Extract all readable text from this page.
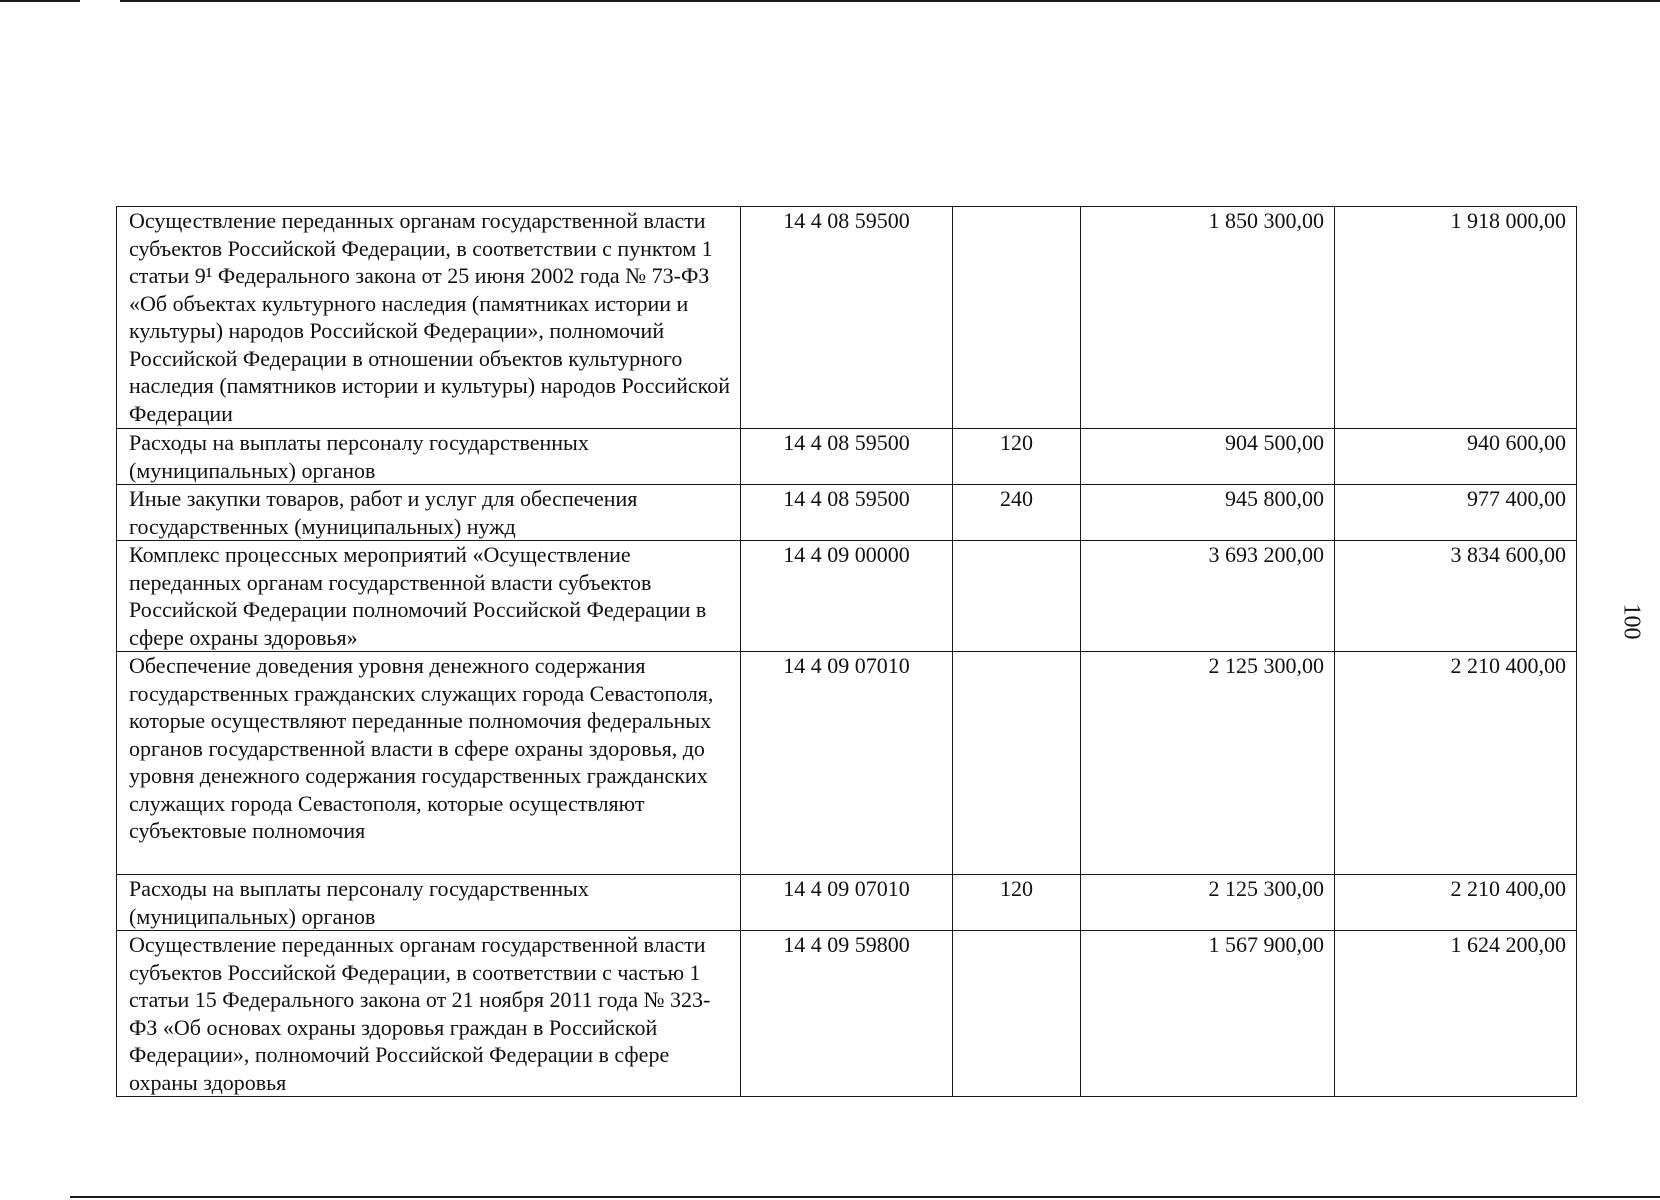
Осуществление переданных органам государственной власти субъектов Российской Федерации, в соответствии с пунктом 1 статьи 9¹ Федерального закона от 25 июня 2002 года № 73-ФЗ «Об объектах культурного наследия (памятниках истории и культуры) народов Российской Федерации», полномочий Российской Федерации в отношении объектов культурного наследия (памятников истории и культуры) народов Российской Федерации	14 4 08 59500		1 850 300,00	1 918 000,00

Расходы на выплаты персоналу государственных (муниципальных) органов	14 4 08 59500	120	904 500,00	940 600,00

Иные закупки товаров, работ и услуг для обеспечения государственных (муниципальных) нужд	14 4 08 59500	240	945 800,00	977 400,00

Комплекс процессных мероприятий «Осуществление переданных органам государственной власти субъектов Российской Федерации полномочий Российской Федерации в сфере охраны здоровья»	14 4 09 00000		3 693 200,00	3 834 600,00

Обеспечение доведения уровня денежного содержания государственных гражданских служащих города Севастополя, которые осуществляют переданные полномочия федеральных органов государственной власти в сфере охраны здоровья, до уровня денежного содержания государственных гражданских служащих города Севастополя, которые осуществляют субъектовые полномочия	14 4 09 07010		2 125 300,00	2 210 400,00

Расходы на выплаты персоналу государственных (муниципальных) органов	14 4 09 07010	120	2 125 300,00	2 210 400,00

Осуществление переданных органам государственной власти субъектов Российской Федерации, в соответствии с частью 1 статьи 15 Федерального закона от 21 ноября 2011 года № 323-ФЗ «Об основах охраны здоровья граждан в Российской Федерации», полномочий Российской Федерации в сфере охраны здоровья	14 4 09 59800		1 567 900,00	1 624 200,00
100
